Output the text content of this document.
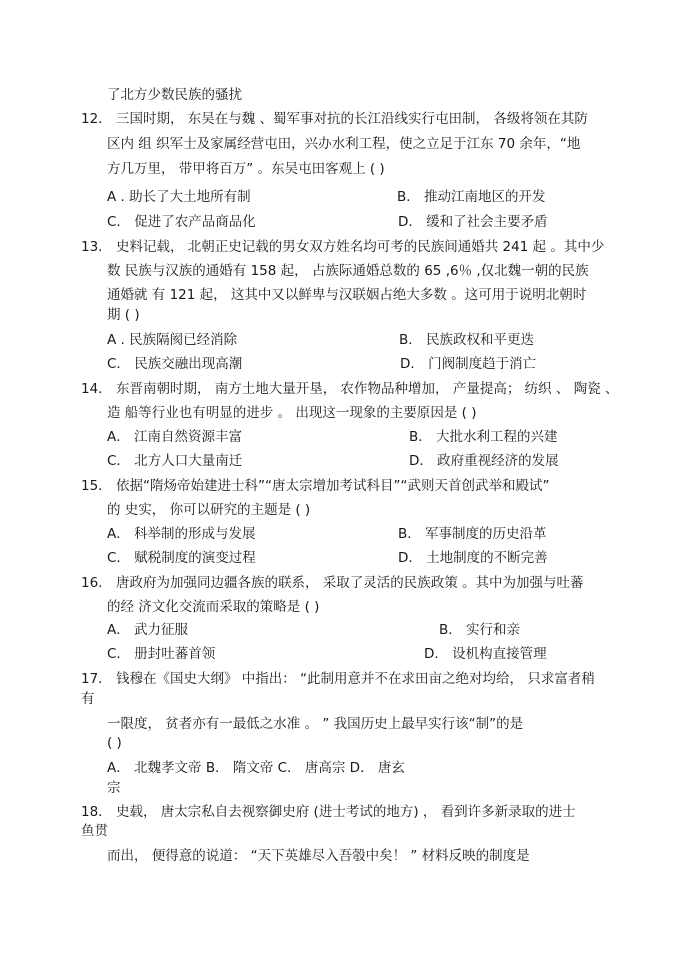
了北方少数民族的骚扰
12． 三国时期， 东吴在与魏 、蜀军事对抗的长江沿线实行屯田制， 各级将领在其防
区内 组 织军士及家属经营屯田，兴办水利工程，使之立足于江东 70 余年，“地
方几万里， 带甲将百万” 。东吴屯田客观上 ( )
A . 助长了大土地所有制	B． 推动江南地区的开发
C． 促进了农产品商品化	D． 缓和了社会主要矛盾
13． 史料记载， 北朝正史记载的男女双方姓名均可考的民族间通婚共 241 起 。其中少
数 民族与汉族的通婚有 158 起， 占族际通婚总数的 65 ,6％ ,仅北魏一朝的民族
通婚就 有 121 起， 这其中又以鲜卑与汉联姻占绝大多数 。这可用于说明北朝时
期 ( )
A . 民族隔阂已经消除	B． 民族政权和平更迭
C． 民族交融出现高潮	D． 门阀制度趋于消亡
14． 东晋南朝时期， 南方土地大量开垦， 农作物品种增加， 产量提高； 纺织 、 陶瓷 、
造 船等行业也有明显的进步 。 出现这一现象的主要原因是 ( )
A． 江南自然资源丰富	B． 大批水利工程的兴建
C． 北方人口大量南迁	D． 政府重视经济的发展
15． 依据“隋炀帝始建进士科”“唐太宗增加考试科目”“武则天首创武举和殿试”
的 史实， 你可以研究的主题是 ( )
A． 科举制的形成与发展	B． 军事制度的历史沿革
C． 赋税制度的演变过程	D． 土地制度的不断完善
16． 唐政府为加强同边疆各族的联系， 采取了灵活的民族政策 。其中为加强与吐蕃
的经 济文化交流而采取的策略是 ( )
A． 武力征服	B． 实行和亲
C． 册封吐蕃首领	D． 设机构直接管理
17． 钱穆在《国史大纲》 中指出： “此制用意并不在求田亩之绝对均给， 只求富者稍
有
一限度， 贫者亦有一最低之水准 。 ” 我国历史上最早实行该“制”的是
( )
A． 北魏孝文帝 B． 隋文帝 C． 唐高宗 D． 唐玄
宗
18． 史载， 唐太宗私自去视察御史府 (进士考试的地方) ， 看到许多新录取的进士
鱼贯
而出， 便得意的说道： “天下英雄尽入吾彀中矣！ ” 材料反映的制度是
